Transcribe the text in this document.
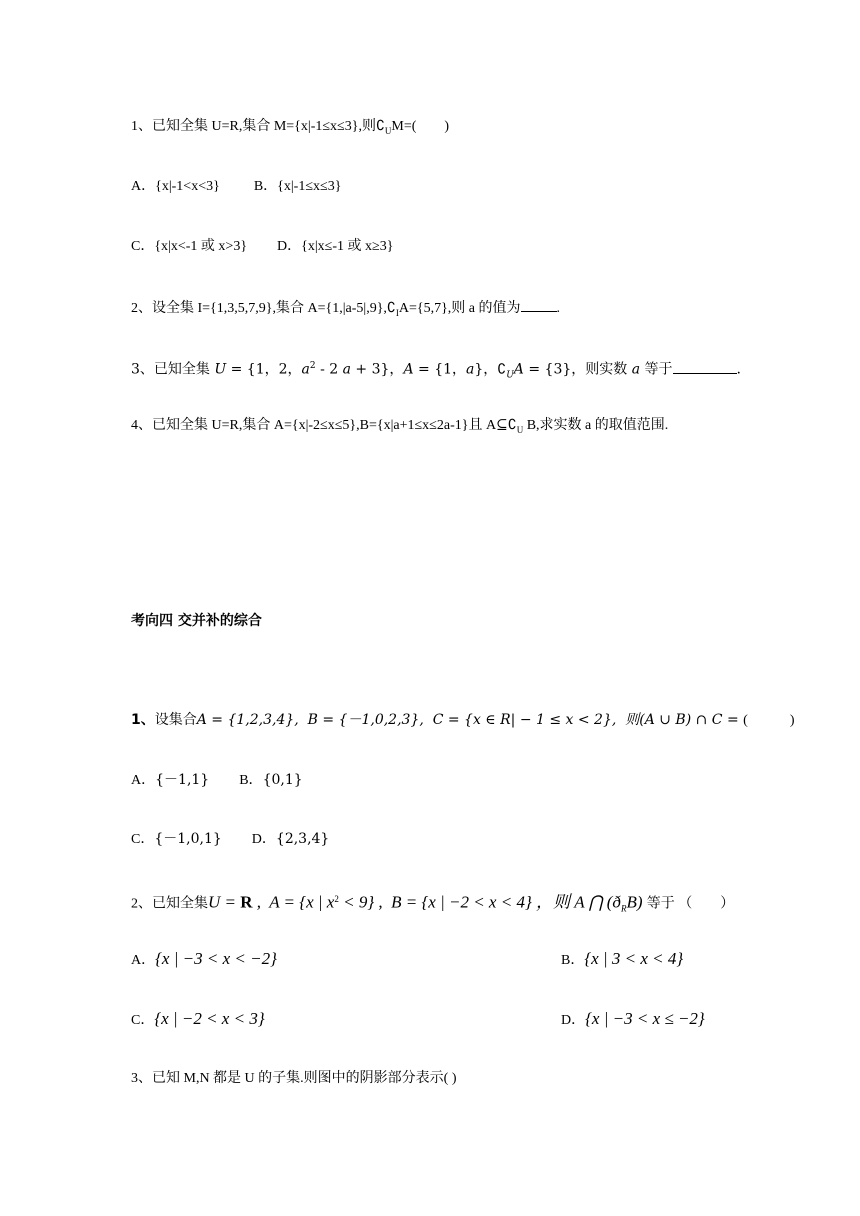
1、已知全集 U=R,集合 M={x|-1≤x≤3},则$∁_UM=$(        )
A．{x|-1<x<3} B．{x|-1≤x≤3}
C．{x|x<-1 或 x>3} D．{x|x≤-1 或 x≥3}
2、设全集 I={1,3,5,7,9},集合 $A=\{1,|a-5|,9\},∁_IA=\{5,7\}$,则 a 的值为	.
3、已知全集 U = {1，2，$a^2 - 2$ a + 3}，A = {1，a}，$∁_UA = \{3\}$，则实数 a 等于	.
4、已知全集 U=R,集合 A={x|-2≤x≤5},B={x|a+1≤x≤2a-1}且 $A⊆∁_U$ B,求实数 a 的取值范围.
考向四 交并补的综合
1、设集合A = {1,2,3,4},  B = {－1,0,2,3},  C = {x ∈ R| − 1 ≤ x < 2},  则(A ∪ B) ∩ C = (            )
A．{－1,1} B．{0,1}
C．{－1,0,1} D．{2,3,4}
2、已知全集U = R ,  A = {x | $x^2 < 9$} ,  B = {x | −2 < x < 4} ，则 A ⋂ $(ð_RB)$ 等于 （        ）
A．{x | −3 < x < −2}	B．{x | 3 < x < 4}
C．{x | −2 < x < 3}	D．{x | −3 < x ≤ −2}
3、已知 M,N 都是 U 的子集.则图中的阴影部分表示( )
